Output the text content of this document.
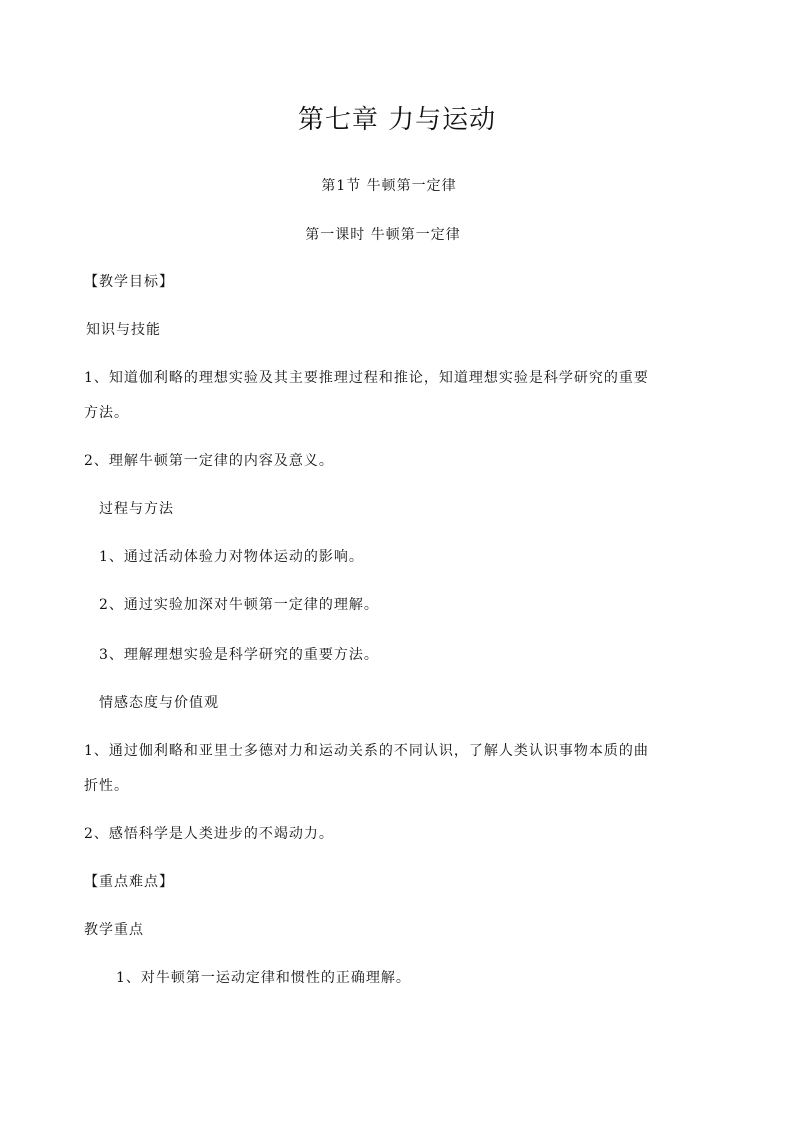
第七章 力与运动
第1节 牛顿第一定律
第一课时 牛顿第一定律
【教学目标】
知识与技能
1、知道伽利略的理想实验及其主要推理过程和推论，知道理想实验是科学研究的重要
方法。
2、理解牛顿第一定律的内容及意义。
过程与方法
1、通过活动体验力对物体运动的影响。
2、通过实验加深对牛顿第一定律的理解。
3、理解理想实验是科学研究的重要方法。
情感态度与价值观
1、通过伽利略和亚里士多德对力和运动关系的不同认识，了解人类认识事物本质的曲
折性。
2、感悟科学是人类进步的不竭动力。
【重点难点】
教学重点
1、对牛顿第一运动定律和惯性的正确理解。
